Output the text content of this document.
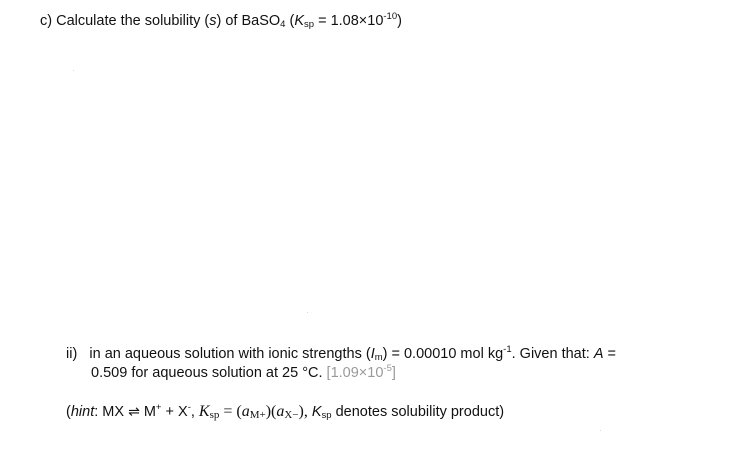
c) Calculate the solubility (s) of BaSO$_4$ $(K_{sp} = 1.08\times 10^{-10})$
ii) in an aqueous solution with ionic strengths $(I_m) = 0.00010$ mol $kg^{-1}$. Given that: A =
0.509 for aqueous solution at 25 °C. $[1.09\times 10^{-5}]$
(hint: MX ⇌ M+ + X-, $K_{sp} = (a_{M+})(a_{X-})$, $K_{sp}$ denotes solubility product)
